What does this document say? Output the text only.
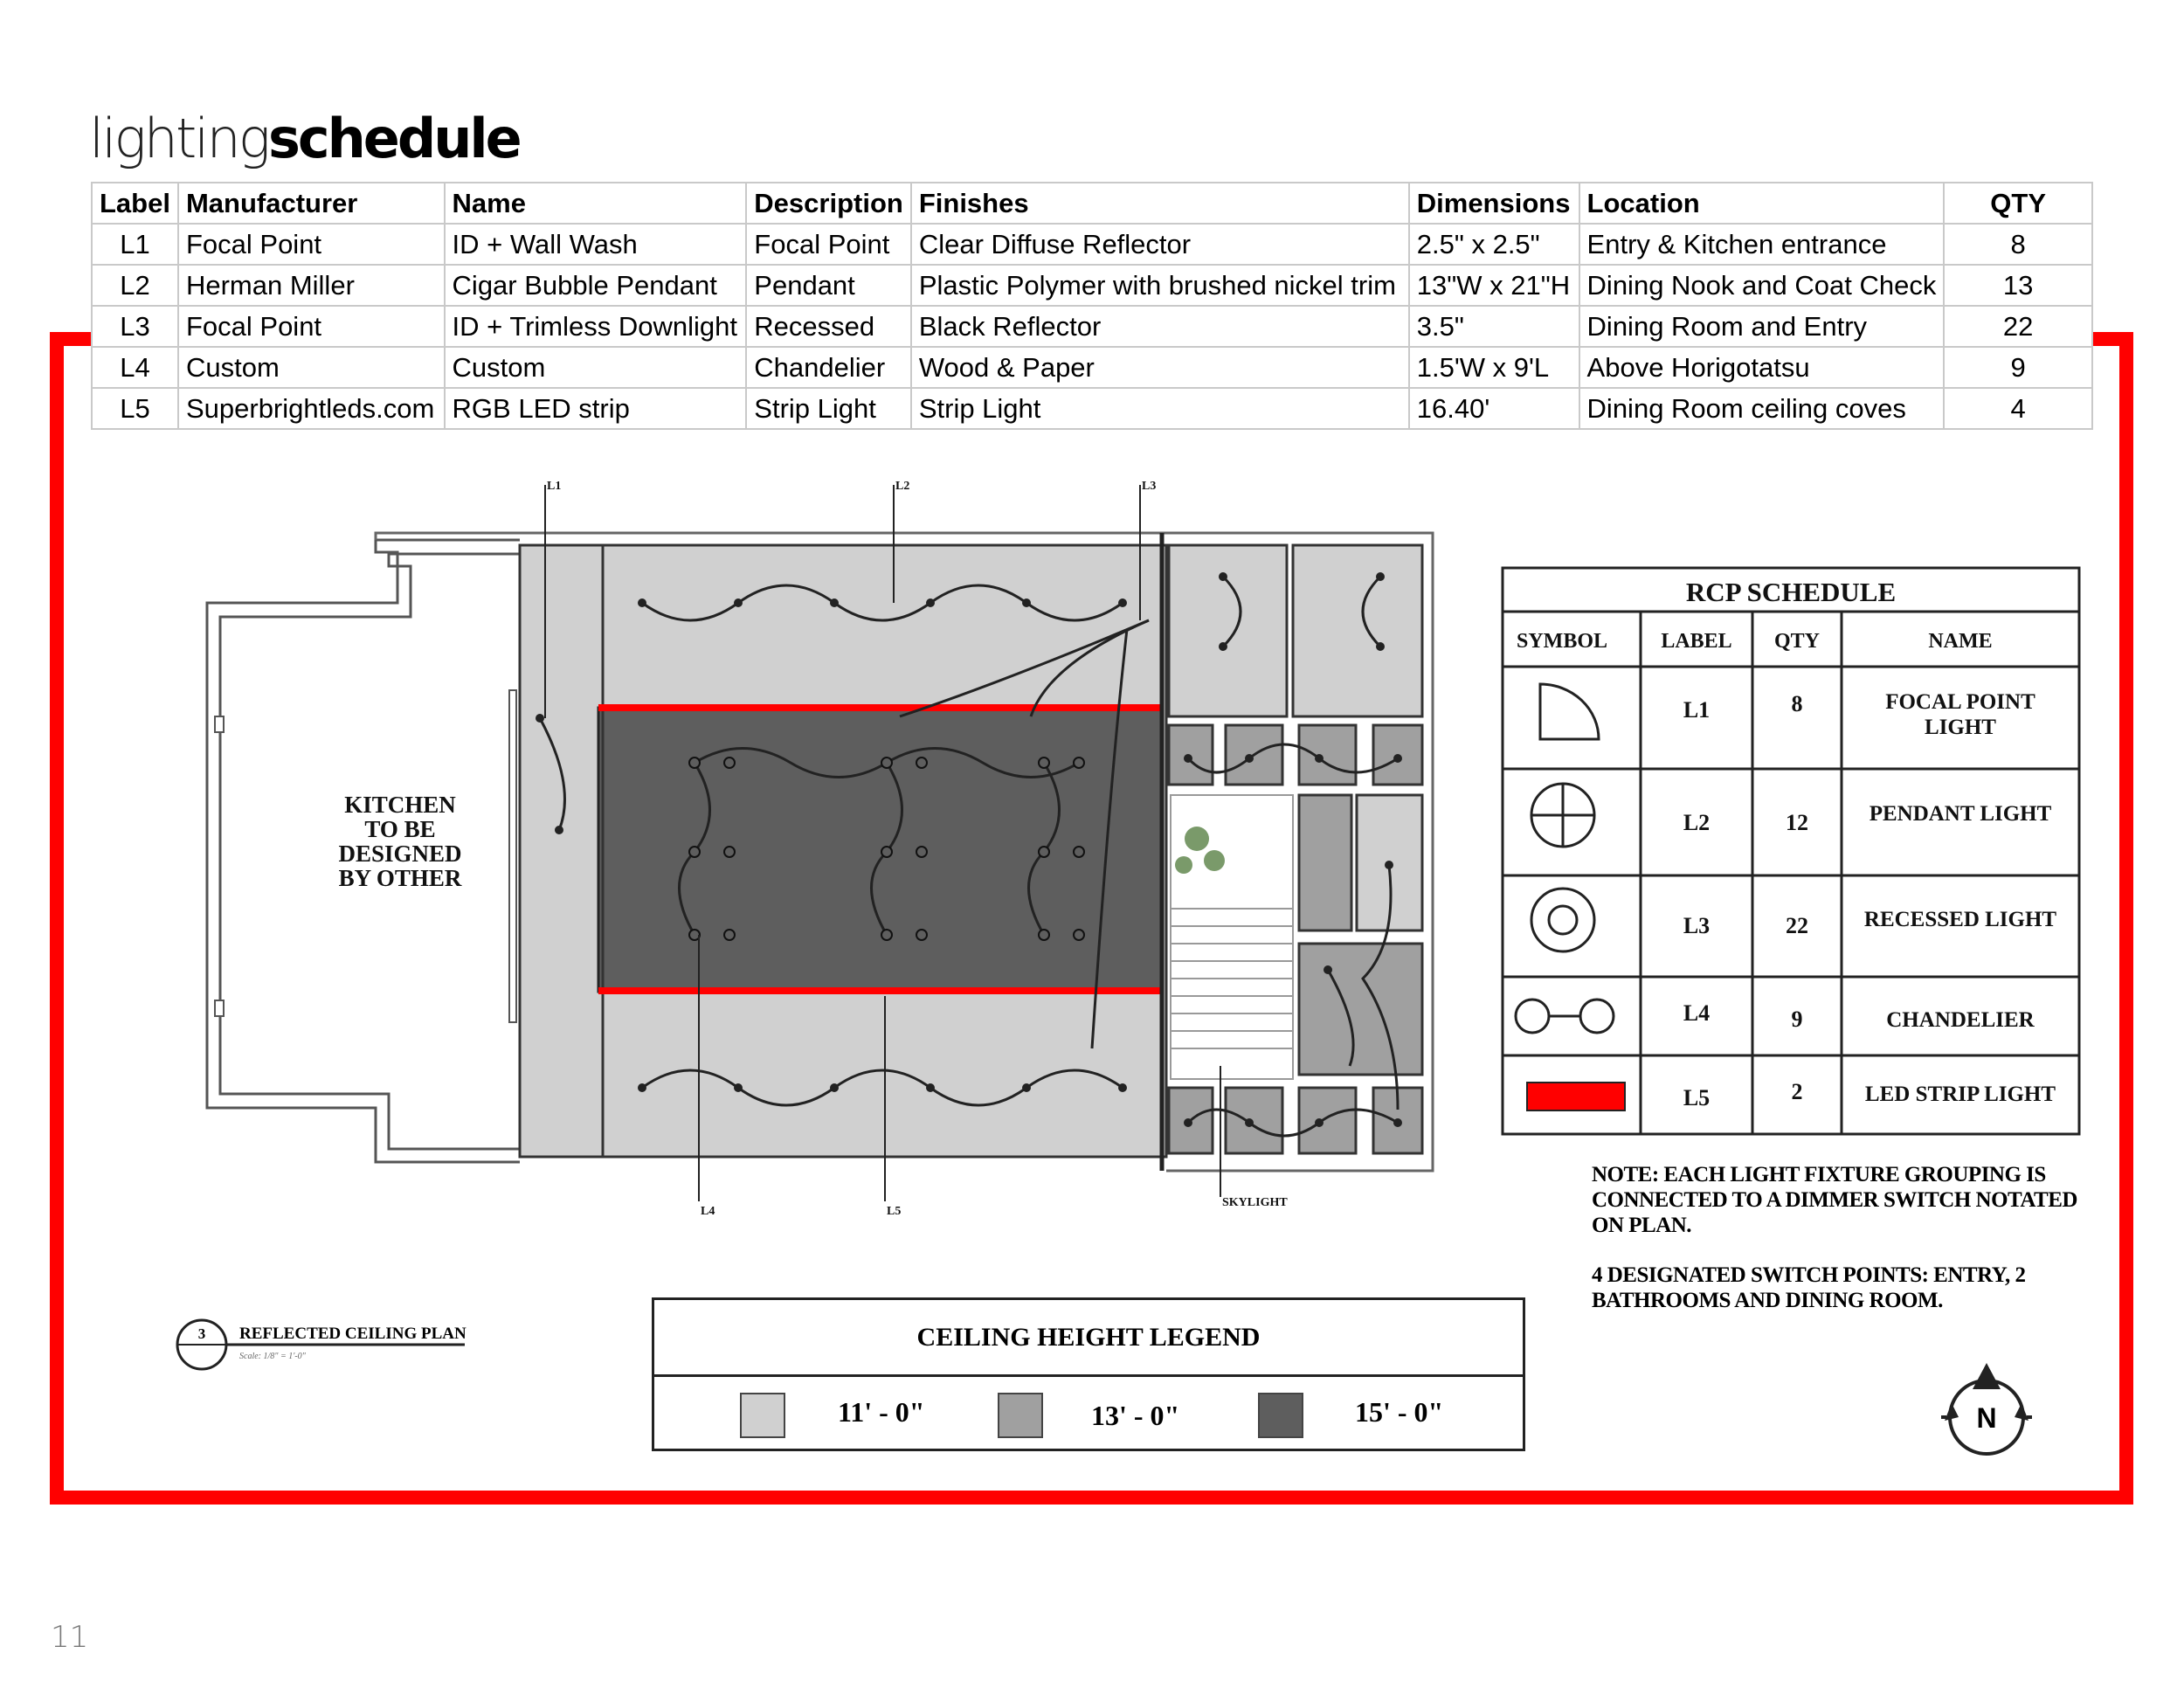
lightingschedule
Label	Manufacturer	Name	Description	Finishes	Dimensions	Location	QTY
L1	Focal Point	ID + Wall Wash	Focal Point	Clear Diffuse Reflector	2.5" x 2.5"	Entry & Kitchen entrance	8
L2	Herman Miller	Cigar Bubble Pendant	Pendant	Plastic Polymer with brushed nickel trim	13"W x 21"H	Dining Nook and Coat Check	13
L3	Focal Point	ID + Trimless Downlight	Recessed	Black Reflector	3.5"	Dining Room and Entry	22
L4	Custom	Custom	Chandelier	Wood & Paper	1.5'W x 9'L	Above Horigotatsu	9
L5	Superbrightleds.com	RGB LED strip	Strip Light	Strip Light	16.40'	Dining Room ceiling coves	4
KITCHEN
TO BE
DESIGNED
BY OTHER
L1	L2	L3
L4	L5
SKYLIGHT
RCP SCHEDULE
SYMBOL	LABEL QTY	NAME
L1	8	FOCAL POINT
LIGHT
L2	12	PENDANT LIGHT
L3	22	RECESSED LIGHT
L4	9	CHANDELIER
L5	2	LED STRIP LIGHT

NOTE: EACH LIGHT FIXTURE GROUPING IS CONNECTED TO A DIMMER SWITCH NOTATED ON PLAN.

4 DESIGNATED SWITCH POINTS: ENTRY, 2 BATHROOMS AND DINING ROOM.

CEILING HEIGHT LEGEND
11' - 0"	13' - 0"	15' - 0"
3 REFLECTED CEILING PLAN
Scale: 1/8" = 1'-0"
N
11
